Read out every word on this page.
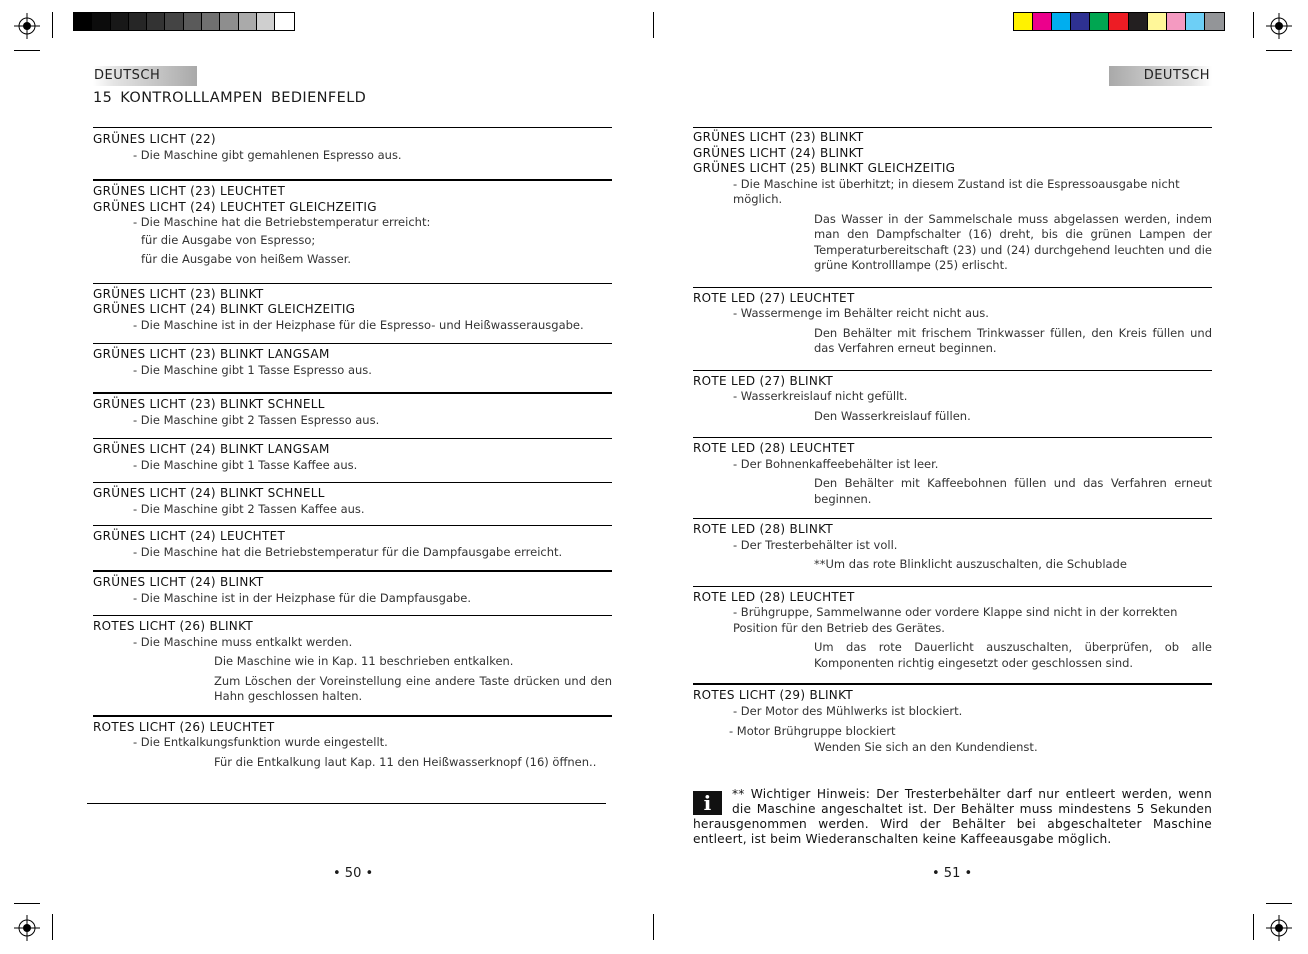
DEUTSCH	DEUTSCH
15 KONTROLLLAMPEN BEDIENFELD
GRÜNES LICHT (22)
- Die Maschine gibt gemahlenen Espresso aus.
GRÜNES LICHT (23) LEUCHTET
GRÜNES LICHT (24) LEUCHTET GLEICHZEITIG
- Die Maschine hat die Betriebstemperatur erreicht:
für die Ausgabe von Espresso;
für die Ausgabe von heißem Wasser.
GRÜNES LICHT (23) BLINKT
GRÜNES LICHT (24) BLINKT GLEICHZEITIG
- Die Maschine ist in der Heizphase für die Espresso- und Heißwasserausgabe.
GRÜNES LICHT (23) BLINKT LANGSAM
- Die Maschine gibt 1 Tasse Espresso aus.
GRÜNES LICHT (23) BLINKT SCHNELL
- Die Maschine gibt 2 Tassen Espresso aus.
GRÜNES LICHT (24) BLINKT LANGSAM
- Die Maschine gibt 1 Tasse Kaffee aus.
GRÜNES LICHT (24) BLINKT SCHNELL
- Die Maschine gibt 2 Tassen Kaffee aus.
GRÜNES LICHT (24) LEUCHTET
- Die Maschine hat die Betriebstemperatur für die Dampfausgabe erreicht.
GRÜNES LICHT (24) BLINKT
- Die Maschine ist in der Heizphase für die Dampfausgabe.
ROTES LICHT (26) BLINKT
- Die Maschine muss entkalkt werden.
Die Maschine wie in Kap. 11 beschrieben entkalken.
Zum Löschen der Voreinstellung eine andere Taste drücken und den Hahn geschlossen halten.
ROTES LICHT (26) LEUCHTET
- Die Entkalkungsfunktion wurde eingestellt.
Für die Entkalkung laut Kap. 11 den Heißwasserknopf (16) öffnen..
GRÜNES LICHT (23) BLINKT
GRÜNES LICHT (24) BLINKT
GRÜNES LICHT (25) BLINKT GLEICHZEITIG
- Die Maschine ist überhitzt; in diesem Zustand ist die Espressoausgabe nicht möglich.
Das Wasser in der Sammelschale muss abgelassen werden, indem man den Dampfschalter (16) dreht, bis die grünen Lampen der Temperaturbereitschaft (23) und (24) durchgehend leuchten und die grüne Kontrolllampe (25) erlischt.
ROTE LED (27) LEUCHTET
- Wassermenge im Behälter reicht nicht aus.
Den Behälter mit frischem Trinkwasser füllen, den Kreis füllen und das Verfahren erneut beginnen.
ROTE LED (27) BLINKT
- Wasserkreislauf nicht gefüllt.
Den Wasserkreislauf füllen.
ROTE LED (28) LEUCHTET
- Der Bohnenkaffeebehälter ist leer.
Den Behälter mit Kaffeebohnen füllen und das Verfahren erneut beginnen.
ROTE LED (28) BLINKT
- Der Tresterbehälter ist voll.
**Um das rote Blinklicht auszuschalten, die Schublade
ROTE LED (28) LEUCHTET
- Brühgruppe, Sammelwanne oder vordere Klappe sind nicht in der korrekten Position für den Betrieb des Gerätes.
Um das rote Dauerlicht auszuschalten, überprüfen, ob alle Komponenten richtig eingesetzt oder geschlossen sind.
ROTES LICHT (29) BLINKT
- Der Motor des Mühlwerks ist blockiert.
- Motor Brühgruppe blockiert
Wenden Sie sich an den Kundendienst.
i	** Wichtiger Hinweis: Der Tresterbehälter darf nur entleert werden, wenn die Maschine angeschaltet ist. Der Behälter muss mindestens 5 Sekunden herausgenommen werden. Wird der Behälter bei abgeschalteter Maschine entleert, ist beim Wiederanschalten keine Kaffeeausgabe möglich.
• 50 •	• 51 •
